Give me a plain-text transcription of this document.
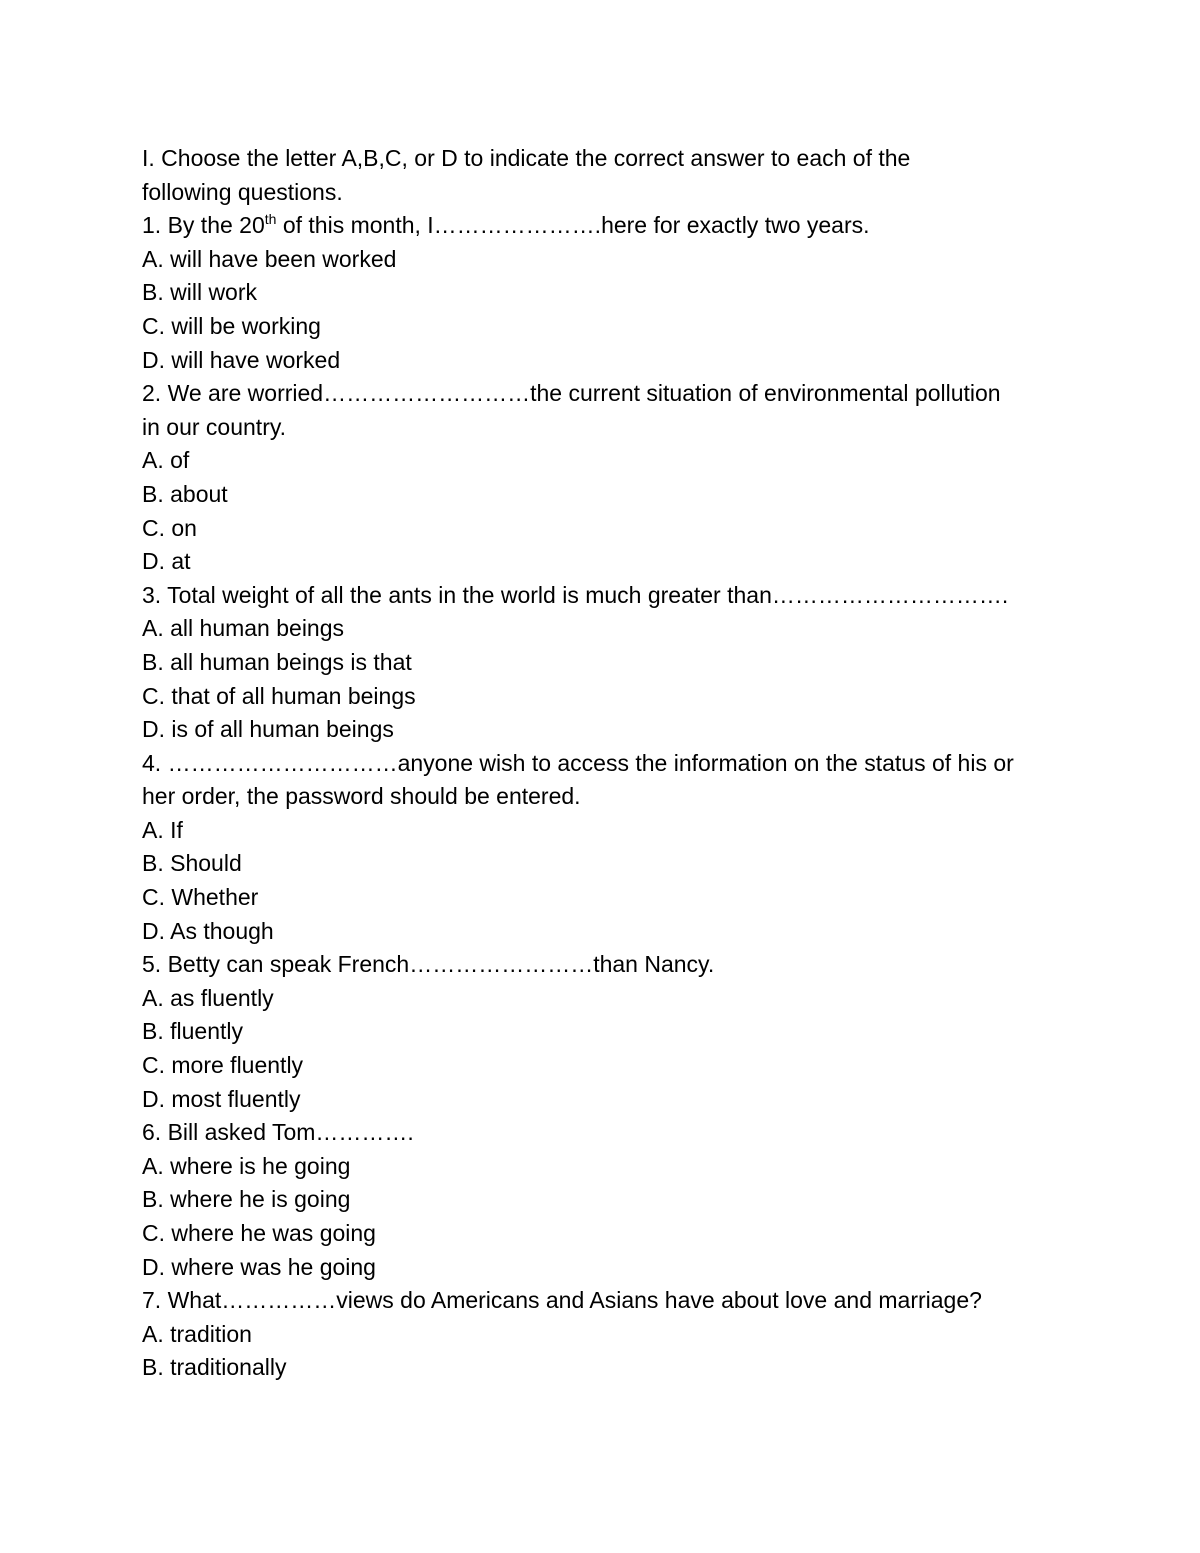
I. Choose the letter A,B,C, or D to indicate the correct answer to each of the
following questions.
1. By the 20th of this month, I………………….here for exactly two years.
A. will have been worked
B. will work
C. will be working
D. will have worked
2. We are worried………………………the current situation of environmental pollution
in our country.
A. of
B. about
C. on
D. at
3. Total weight of all the ants in the world is much greater than………………………….
A. all human beings
B. all human beings is that
C. that of all human beings
D. is of all human beings
4. …………………………anyone wish to access the information on the status of his or
her order, the password should be entered.
A. If
B. Should
C. Whether
D. As though
5. Betty can speak French……………………than Nancy.
A. as fluently
B. fluently
C. more fluently
D. most fluently
6. Bill asked Tom………….
A. where is he going
B. where he is going
C. where he was going
D. where was he going
7. What……………views do Americans and Asians have about love and marriage?
A. tradition
B. traditionally
